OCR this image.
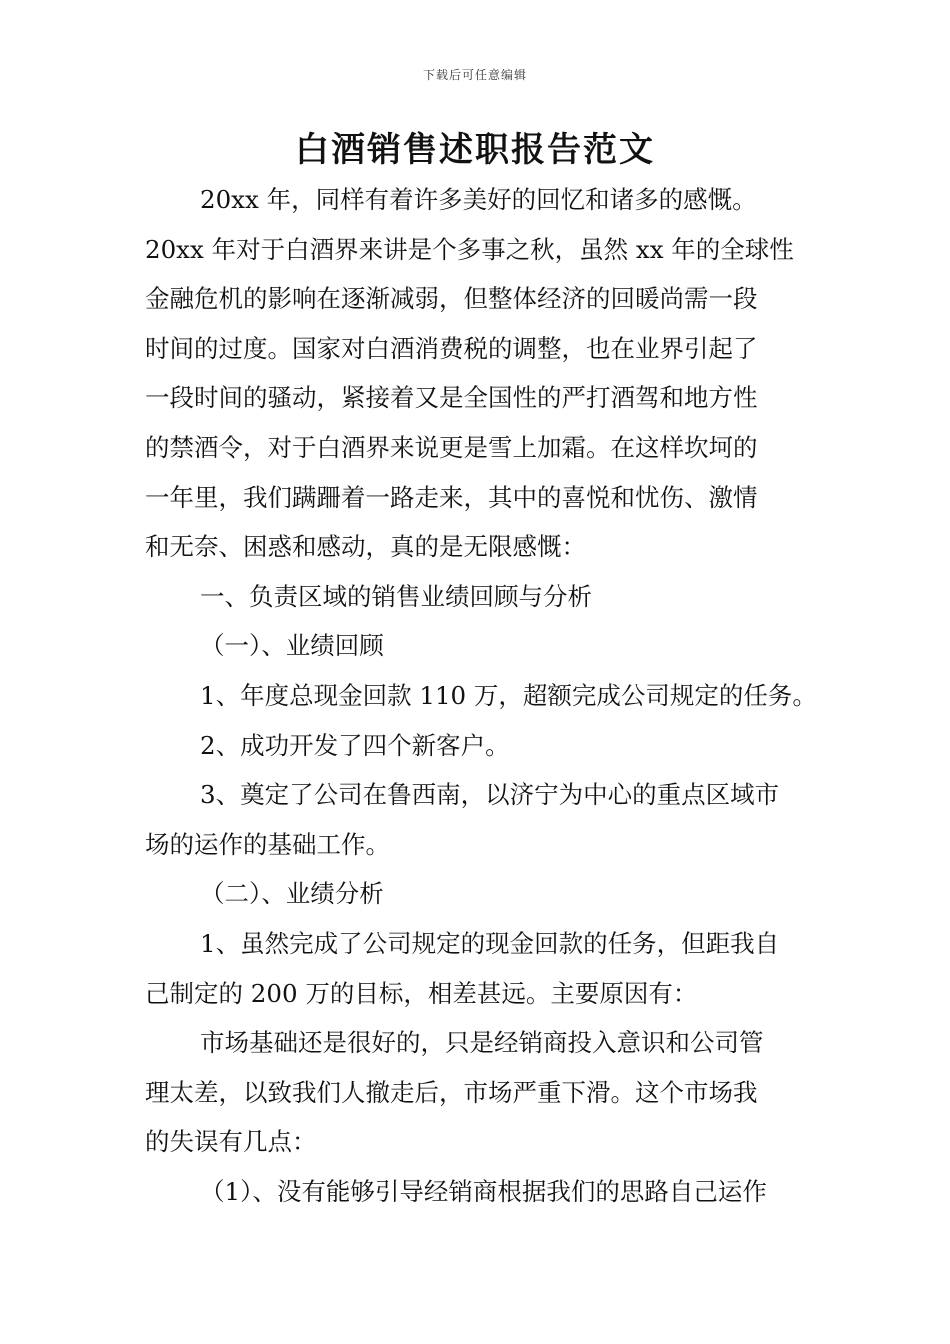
下载后可任意编辑
白酒销售述职报告范文
20xx 年，同样有着许多美好的回忆和诸多的感慨。
20xx 年对于白酒界来讲是个多事之秋，虽然 xx 年的全球性
金融危机的影响在逐渐减弱，但整体经济的回暖尚需一段
时间的过度。国家对白酒消费税的调整，也在业界引起了
一段时间的骚动，紧接着又是全国性的严打酒驾和地方性
的禁酒令，对于白酒界来说更是雪上加霜。在这样坎坷的
一年里，我们蹒跚着一路走来，其中的喜悦和忧伤、激情
和无奈、困惑和感动，真的是无限感慨：
一、负责区域的销售业绩回顾与分析
（一）、业绩回顾
1、年度总现金回款 110 万，超额完成公司规定的任务。
2、成功开发了四个新客户。
3、奠定了公司在鲁西南，以济宁为中心的重点区域市
场的运作的基础工作。
（二）、业绩分析
1、虽然完成了公司规定的现金回款的任务，但距我自
己制定的 200 万的目标，相差甚远。主要原因有：
市场基础还是很好的，只是经销商投入意识和公司管
理太差，以致我们人撤走后，市场严重下滑。这个市场我
的失误有几点：
（1）、没有能够引导经销商根据我们的思路自己运作
